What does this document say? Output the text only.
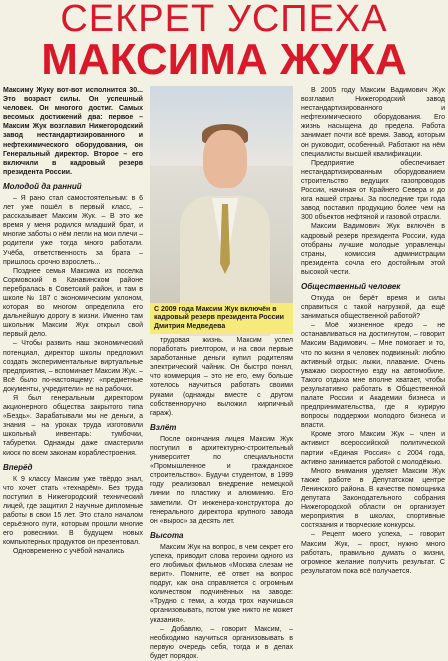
СЕКРЕТ УСПЕХА
МАКСИМА ЖУКА

Максиму Жуку вот-вот исполнится 30... Это возраст силы. Он успешный человек. Он многого достиг. Самых весомых достижений два: первое – Максим Жук возглавил Нижегородский завод нестандартизированного и нефтехимического оборудования, он Генеральный директор. Второе – его включили в кадровый резерв президента России.

Молодой да ранний

– Я рано стал самостоятельным: в 6 лет уже пошёл в первый класс, – рассказывает Максим Жук. – В это же время у меня родился младший брат, и многие заботы о нём легли на мои плечи – родители уже тогда много работали. Учёба, ответственность за брата – пришлось срочно взрослеть...

Позднее семья Максима из поселка Сормовский в Канавинском районе перебралась в Советский район, и там в школе № 187 с экономическим уклоном, которая во многом определила его дальнейшую дорогу в жизни. Именно там школьник Максим Жук открыл свой первый дело.

– Чтобы развить наш экономический потенциал, директор школы предложил создать экспериментальные виртуальные предприятия, – вспоминает Максим Жук. – Всё было по-настоящему: «предметные документы, учредители» не на рабочих.

Я был генеральным директором акционерного общества закрытого типа «Бездь». Зарабатывали мы не деньги, а знания – на уроках труда изготовили школьный инвентарь: тумбочки, табуретки. Однажды даже смастерили киоск по всем законам кораблестроения.

Вперёд

К 9 классу Максим уже твёрдо знал, что хочет стать «технарём». Без труда поступил в Нижегородский технический лицей, где защитил 2 научные дипломные работы в свои 15 лет. Это стало началом серьёзного пути, которым прошли многие его ровесники. В будущем новых компьютерных продуктов он презентовал.

Одновременно с учёбой начались

С 2009 года Максим Жук включён в кадровый резерв президента России Дмитрия Медведева

трудовая жизнь. Максим успел поработать риелтором, и на свои первые заработанные деньги купил родителям электрический чайник. Он быстро понял, что коммерция – это не его, ему больше хотелось научиться работать своими руками (однажды вместе с другом собственноручно выложил кирпичный гараж).

Взлёт

После окончания лицея Максим Жук поступил в архитектурно-строительный университет по специальности «Промышленное и гражданское строительство». Будучи студентом, в 1999 году реализовал внедрение немецкой линии по пластику и алюминию. Его заметили. От инженера-конструктора до генерального директора крупного завода он «вырос» за десять лет.

Высота

Максим Жук на вопрос, в чем секрет его успеха, приводит слова героини одного из его любимых фильмов «Москва слезам не верит». Помните, её ответ на вопрос подруг, как она справляется с огромным количеством подчинённых на заводе: «Трудно с теми, а когда трох научишься организовывать, потом уже никто не может указания».

– Добавлю, – говорит Максим, – необходимо научиться организовывать в первую очередь себя, тогда и в делах будет порядок.

В 2005 году Максим Вадимович Жук возглавил Нижегородский завод нестандартизированного и нефтехимического оборудования. Его жизнь насыщена до предела. Работа занимает почти всё время. Завод, которым он руководит, особенный. Работают на нём специалисты высшей квалификации.

Предприятие обеспечивает нестандартизированным оборудованием строительство ведущих газопроводов России, начиная от Крайнего Севера и до юга нашей страны. За последние три года завод поставил продукцию более чем на 300 объектов нефтяной и газовой отрасли.

Максим Вадимович Жук включён в кадровый резерв президента России, куда отобраны лучшие молодые управленцы страны, комиссия администрации президента сочла его достойным этой высокой чести.

Общественный человек

Откуда он берёт время и силы справиться с такой нагрузкой, да ещё заниматься общественной работой?

– Моё жизненное кредо – не останавливаться на достигнутом, – говорит Максим Вадимович. – Мне помогает и то, что по жизни я человек подвижный: люблю активный отдых: лыжи, плавание. Очень уважаю скоростную езду на автомобиле. Такого отдыха мне вполне хватает, чтобы результативно работать в Общественной палате России и Академии бизнеса и предпринимательства, где я курирую вопросы поддержки молодого бизнеса и власти.

Кроме этого Максим Жук – член и активист всероссийской политической партии «Единая Россия» с 2004 года, активно занимается работой с молодёжью.

Много внимания уделяет Максим Жук также работе в Депутатском центре Ленинского района. В качестве помощника депутата Законодательного собрания Нижегородской области он организует мероприятия в школах, спортивные состязания и творческие конкурсы.

– Рецепт моего успеха, – говорит Максим Жук, – прост, нужно много работать, правильно думать о жизни, огромное желание получить результат. С результатом пока всё получается.
